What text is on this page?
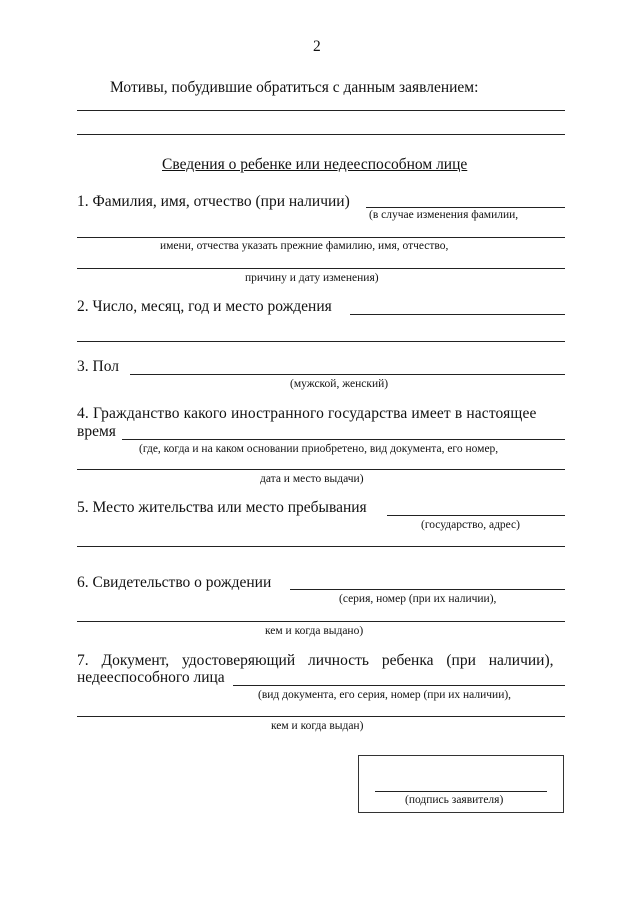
2
Мотивы, побудившие обратиться с данным заявлением:
Сведения о ребенке или недееспособном лице
1. Фамилия, имя, отчество (при наличии)
(в случае изменения фамилии,
имени, отчества указать прежние фамилию, имя, отчество,
причину и дату изменения)
2. Число, месяц, год и место рождения
3. Пол
(мужской, женский)
4. Гражданство какого иностранного государства имеет в настоящее
время
(где, когда и на каком основании приобретено, вид документа, его номер,
дата и место выдачи)
5. Место жительства или место пребывания
(государство, адрес)
6. Свидетельство о рождении
(серия, номер (при их наличии),
кем и когда выдано)
7. Документ, удостоверяющий личность ребенка (при наличии),
недееспособного лица
(вид документа, его серия, номер (при их наличии),
кем и когда выдан)
(подпись заявителя)
